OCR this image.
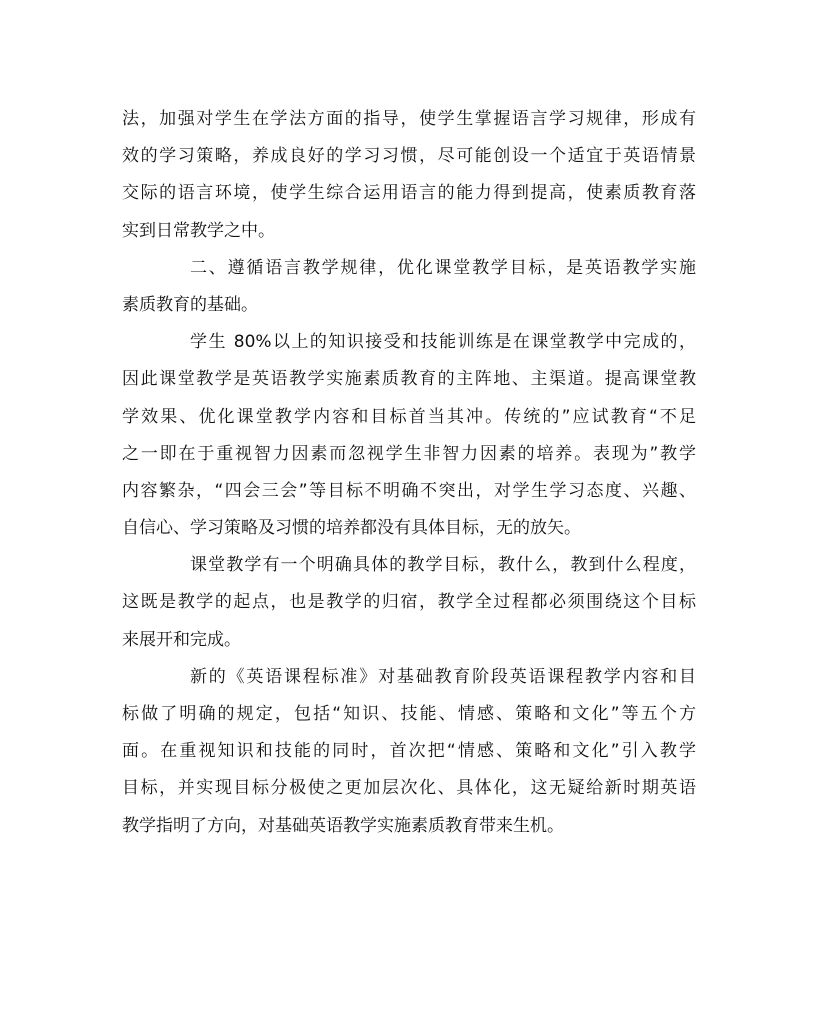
法，加强对学生在学法方面的指导，使学生掌握语言学习规律，形成有
效的学习策略，养成良好的学习习惯，尽可能创设一个适宜于英语情景
交际的语言环境，使学生综合运用语言的能力得到提高，使素质教育落
实到日常教学之中。
二、遵循语言教学规律，优化课堂教学目标，是英语教学实施
素质教育的基础。
学生 80%以上的知识接受和技能训练是在课堂教学中完成的，
因此课堂教学是英语教学实施素质教育的主阵地、主渠道。提高课堂教
学效果、优化课堂教学内容和目标首当其冲。传统的”应试教育“不足
之一即在于重视智力因素而忽视学生非智力因素的培养。表现为”教学
内容繁杂，“四会三会”等目标不明确不突出，对学生学习态度、兴趣、
自信心、学习策略及习惯的培养都没有具体目标，无的放矢。
课堂教学有一个明确具体的教学目标，教什么，教到什么程度，
这既是教学的起点，也是教学的归宿，教学全过程都必须围绕这个目标
来展开和完成。
新的《英语课程标准》对基础教育阶段英语课程教学内容和目
标做了明确的规定，包括“知识、技能、情感、策略和文化”等五个方
面。在重视知识和技能的同时，首次把“情感、策略和文化”引入教学
目标，并实现目标分极使之更加层次化、具体化，这无疑给新时期英语
教学指明了方向，对基础英语教学实施素质教育带来生机。
